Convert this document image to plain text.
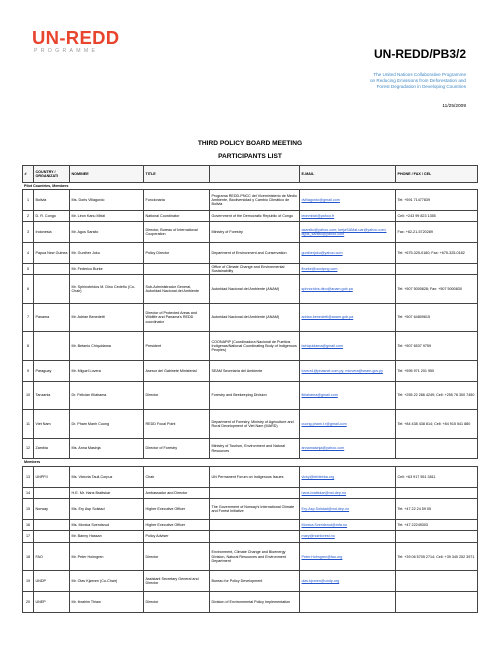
UN-REDD
PROGRAMME	UN-REDD/PB3/2
The United Nations Collaborative Programme
on Reducing Emissions from Deforestation and
Forest Degradation in Developing Countries
11/25/2009
THIRD POLICY BOARD MEETING
PARTICIPANTS LIST
#	COUNTRY / ORGANIZATI	NOMINEE	TITLE		E-MAIL	PHONE / FAX / CEL
Pilot Countries, Members						
1	Bolivia	Ms. Doris Villagordo	Funcionaria	Programa REDD-PNCC del Viceministerio de Medio Ambiente, Biodiversidad y Cambio Climático de Bolivia	dvillagordo@gmail.com	Tel: +591 71477839
2	D. R. Congo	Mr. Léon Kanu Mbizi	National Coordinator	Government of the Democratic Republic of Congo	leonmbizi@yahoo.fr	Cell: +243 99 823 1355
3	Indonesia	Mr. Agus Sarsito	Director, Bureau of International Cooperation	Ministry of Forestry	asarsito@yahoo.com; kerjaSAMaLuar@yahoo.com; agus_sarsito@yahoo.com	Fax: +62-21-5720289
4	Papua New Guinea	Mr. Gunther Joku	Policy Director	Department of Environment and Conservation	guntherjoku@yahoo.com	Tel: +675-325-0180; Fax: +675-325-0182
5		Mr. Federico Burke		Office of Climate Change and Environmental Sustainability	fburke@occdpng.com	
6		Mr. Sphinobridos M. Dino Cedeño (Co-Chair)	Sub-Administrador General, Autoridad Nacional del Ambiente	Autoridad Nacional del Ambiente (ANAM)	sphnoridos.dino@anam.gob.pa	Tel: +507 5000828; Fax: +507 5000830
7	Panama	Mr. Adrian Benedetti	Director of Protected Areas and Wildlife and Panama's REDD coordinator	Autoridad Nacional del Ambiente (ANAM)	adrian.benedetti@anam.gob.pa	Tel: +507 64809615
8		Mr. Betanio Chiquidama	President	COONAPIP (Coordinadora Nacional de Pueblos Indígenas/National Coordinating Body of Indigenous Peoples)	bchiquidama@gmail.com	Tel: +507 6537 9759
9	Paraguay	Mr. Miguel Lovera	Asesor del Gabinete Ministerial	SEAM Secretaría del Ambiente	lovera1@pnasnet.com.py; mlovera@seam.gov.py	Tel: +595 971 201 950
10	Tanzania	Dr. Felician Kilahama	Director	Forestry and Beekeeping Division	fkilahama@gmail.com	Tel: +255 22 286 4249; Cell: +255 78 300 7450
11	Viet Nam	Dr. Pham Manh Cuong	REDD Focal Point	Department of Forestry, Ministry of Agriculture and Rural Development of Viet Nam (MARD)	cuong.pham.t.r@gmail.com	Tel: +84 438 438 814; Cell: +84 915 541 880
12	Zambia	Ms. Anna Masinja	Director of Forestry	Ministry of Tourism, Environment and Natural Resources	annamasinja@yahoo.com	
Members						
13	UNPFII	Ms. Victoria Tauli-Corpuz	Chair	UN Permanent Forum on Indigenous Issues	vicky@tebtebba.org	Cell: +63 917 551 3811
14		H.E. Mr. Hans Brattskar	Ambassador and Director		hans.brattskar@md.dep.no	
15	Norway	Ms. Ery Asp Solstad	Higher Executive Officer	The Government of Norway's International Climate and Forest Initiative	Ery-Asp.Solstad@md.dep.no	Tel: +47 22 24 59 05
16		Ms. Monica Svendsrud	Higher Executive Officer		Monica.Svendsrud@mfa.no	Tel: +47 22249303
17		Mr. Banny Hassan	Policy Adviser		mary@noinforest.no	
18	FAO	Mr. Peter Holmgren	Director	Environment, Climate Change and Bioenergy Division, Natural Resources and Environment Department	Peter.Holmgren@fao.org	Tel: +39 06 5705 2714; Cell: +39 340 252 3971
19	UNDP	Mr. Olav Kjørven (Co-Chair)	Assistant Secretary General and Director	Bureau for Policy Development	olav.kjorven@undp.org	
20	UNEP	Mr. Ibrahim Thiaw	Director	Division of Environmental Policy Implementation		
